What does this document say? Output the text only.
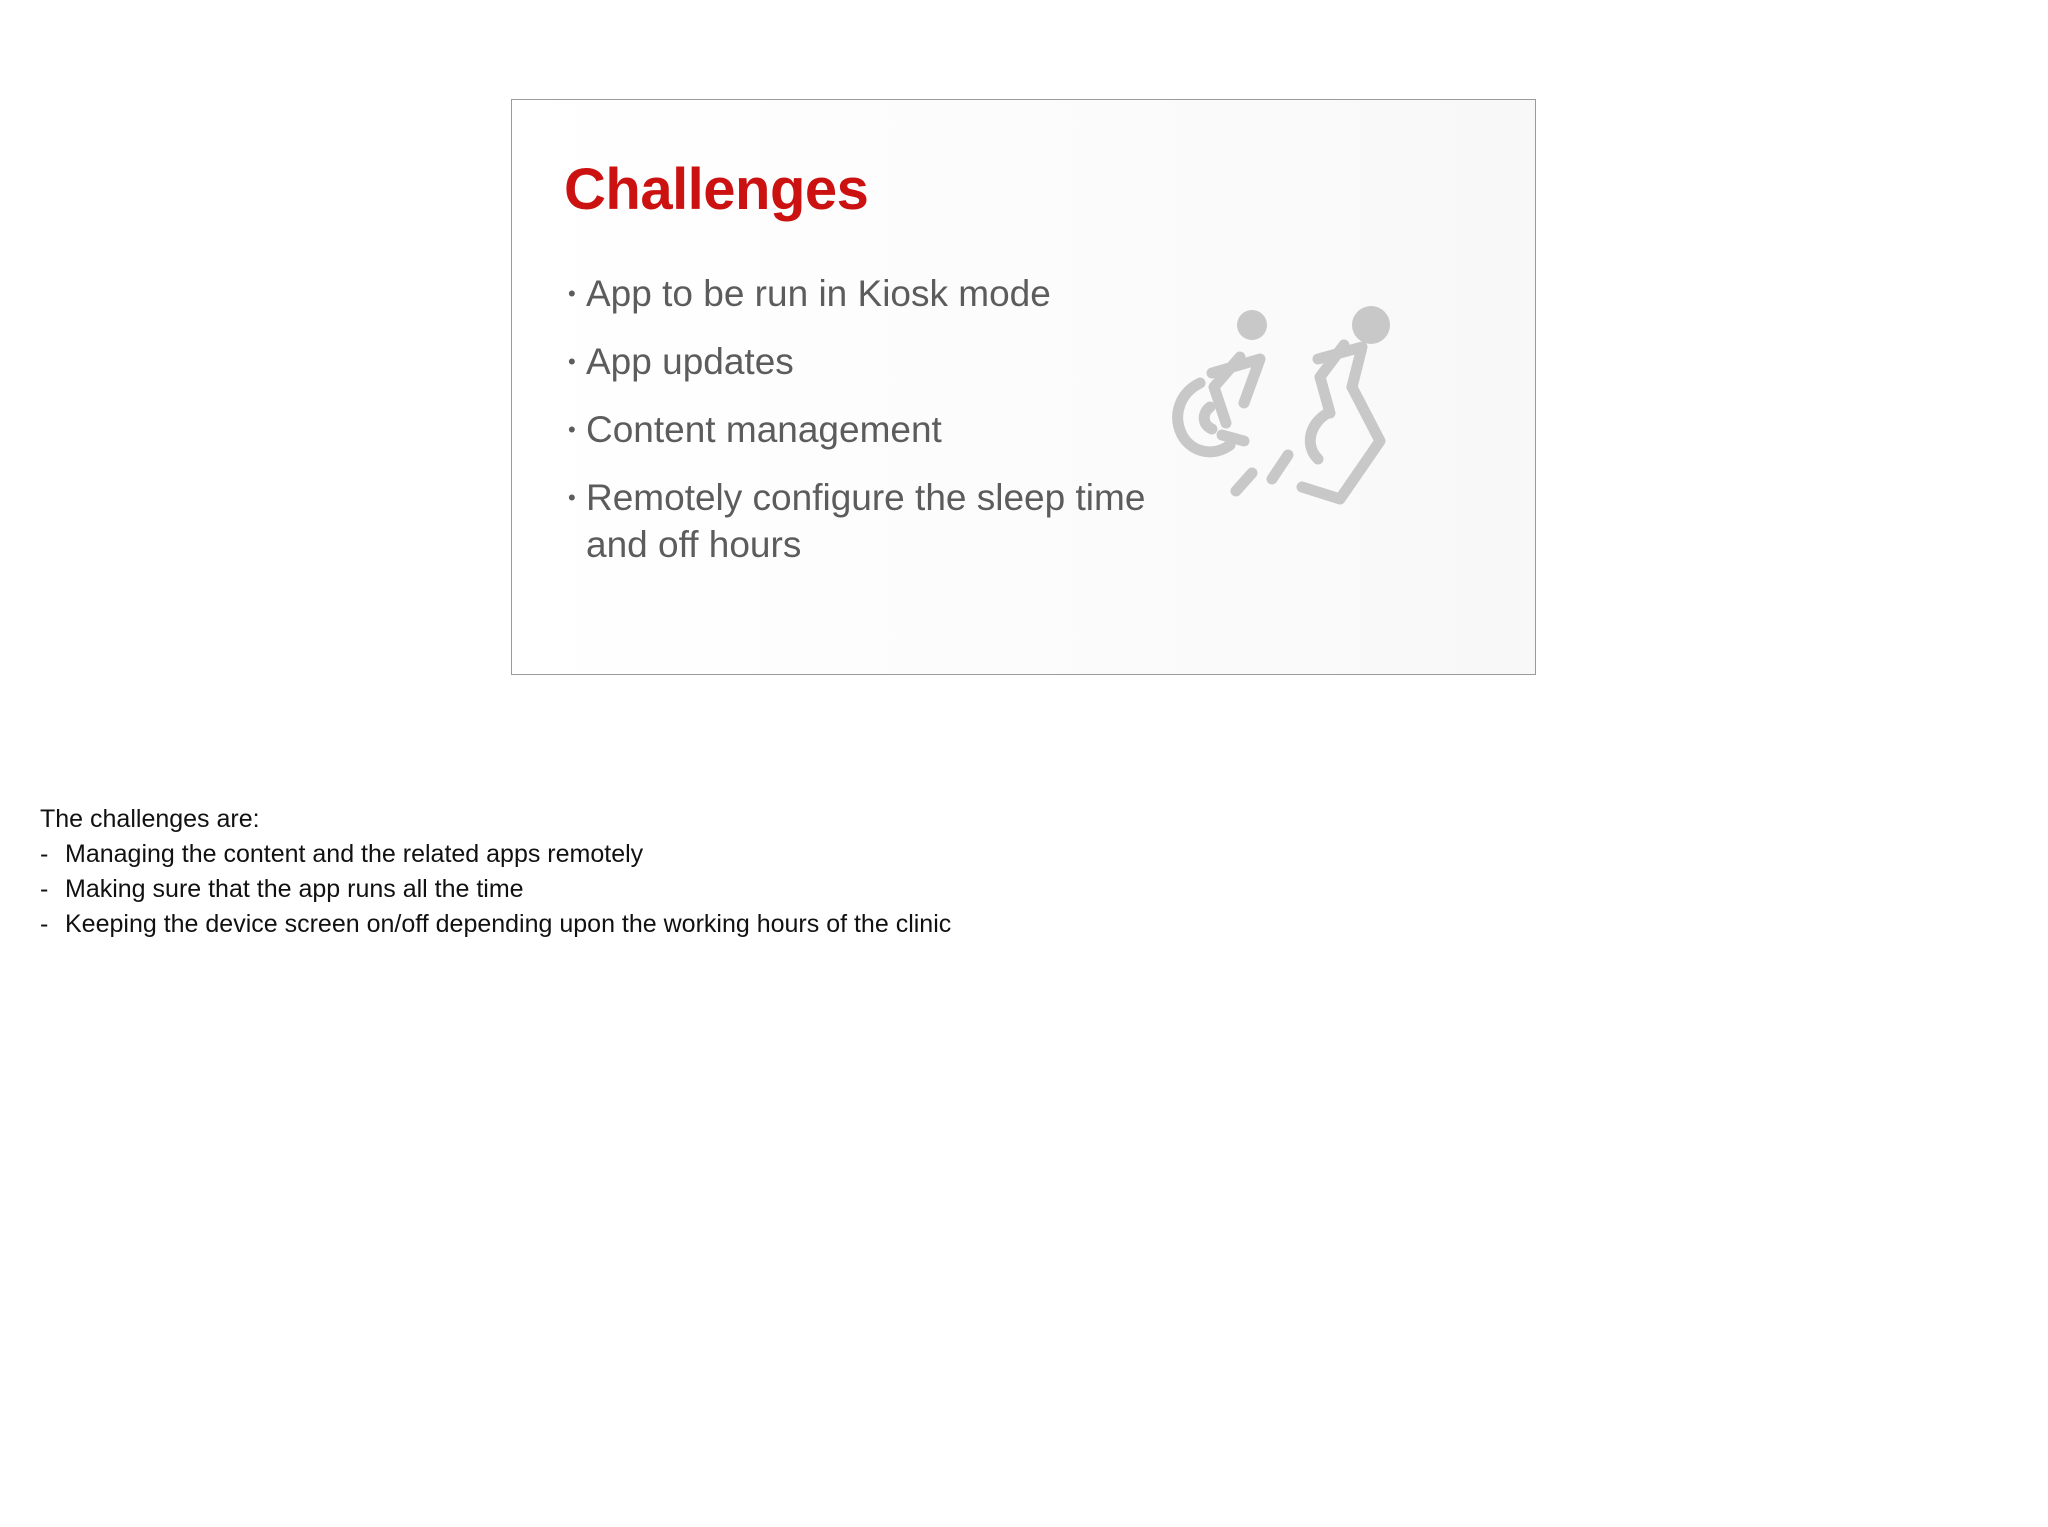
Challenges
• App to be run in Kiosk mode
• App updates
• Content management
• Remotely configure the sleep time and off hours

The challenges are:

- Managing the content and the related apps remotely
- Making sure that the app runs all the time
- Keeping the device screen on/off depending upon the working hours of the clinic
